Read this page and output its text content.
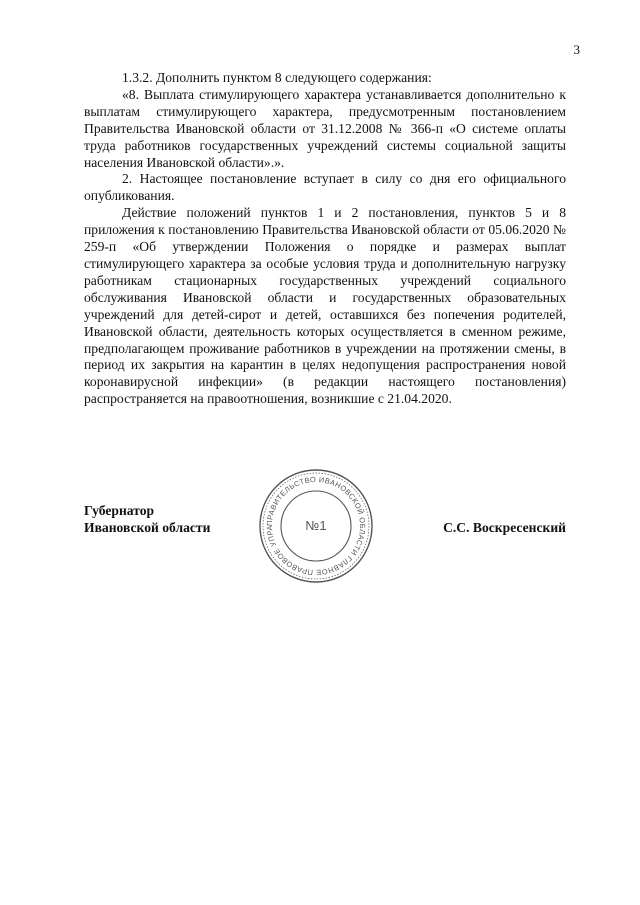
3

1.3.2. Дополнить пунктом 8 следующего содержания:

«8. Выплата стимулирующего характера устанавливается дополнительно к выплатам стимулирующего характера, предусмотренным постановлением Правительства Ивановской области от 31.12.2008 № 366-п «О системе оплаты труда работников государственных учреждений системы социальной защиты населения Ивановской области».».

2. Настоящее постановление вступает в силу со дня его официального опубликования.

Действие положений пунктов 1 и 2 постановления, пунктов 5 и 8 приложения к постановлению Правительства Ивановской области от 05.06.2020 № 259-п «Об утверждении Положения о порядке и размерах выплат стимулирующего характера за особые условия труда и дополнительную нагрузку работникам стационарных государственных учреждений социального обслуживания Ивановской области и государственных образовательных учреждений для детей-сирот и детей, оставшихся без попечения родителей, Ивановской области, деятельность которых осуществляется в сменном режиме, предполагающем проживание работников в учреждении на протяжении смены, в период их закрытия на карантин в целях недопущения распространения новой коронавирусной инфекции» (в редакции настоящего постановления) распространяется на правоотношения, возникшие с 21.04.2020.

Губернатор
Ивановской области	ПРАВИТЕЛЬСТВО ИВАНОВСКОЙ ОБЛАСТИ ГЛАВНОЕ ПРАВОВОЕ УПРА	№1	С.С. Воскресенский
